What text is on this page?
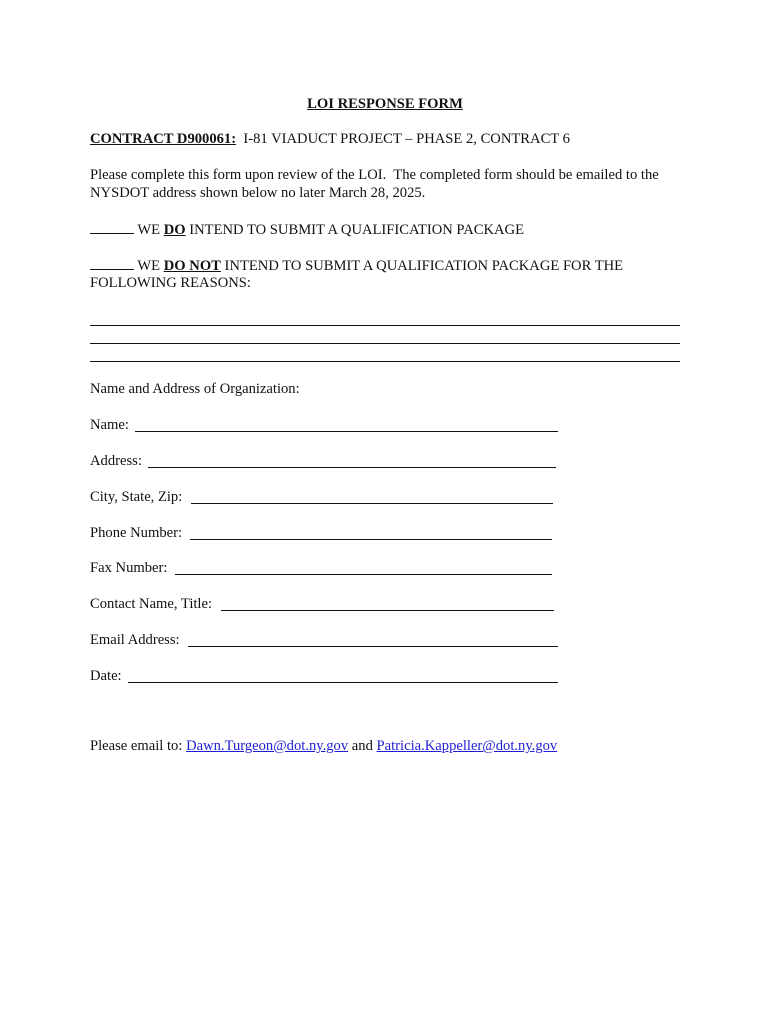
LOI RESPONSE FORM
CONTRACT D900061: I-81 VIADUCT PROJECT – PHASE 2, CONTRACT 6
Please complete this form upon review of the LOI.  The completed form should be emailed to the
NYSDOT address shown below no later March 28, 2025.
WE DO INTEND TO SUBMIT A QUALIFICATION PACKAGE
WE DO NOT INTEND TO SUBMIT A QUALIFICATION PACKAGE FOR THE
FOLLOWING REASONS:
Name and Address of Organization:
Name:
Address:
City, State, Zip:
Phone Number:
Fax Number:
Contact Name, Title:
Email Address:
Date:
Please email to: Dawn.Turgeon@dot.ny.gov and Patricia.Kappeller@dot.ny.gov
